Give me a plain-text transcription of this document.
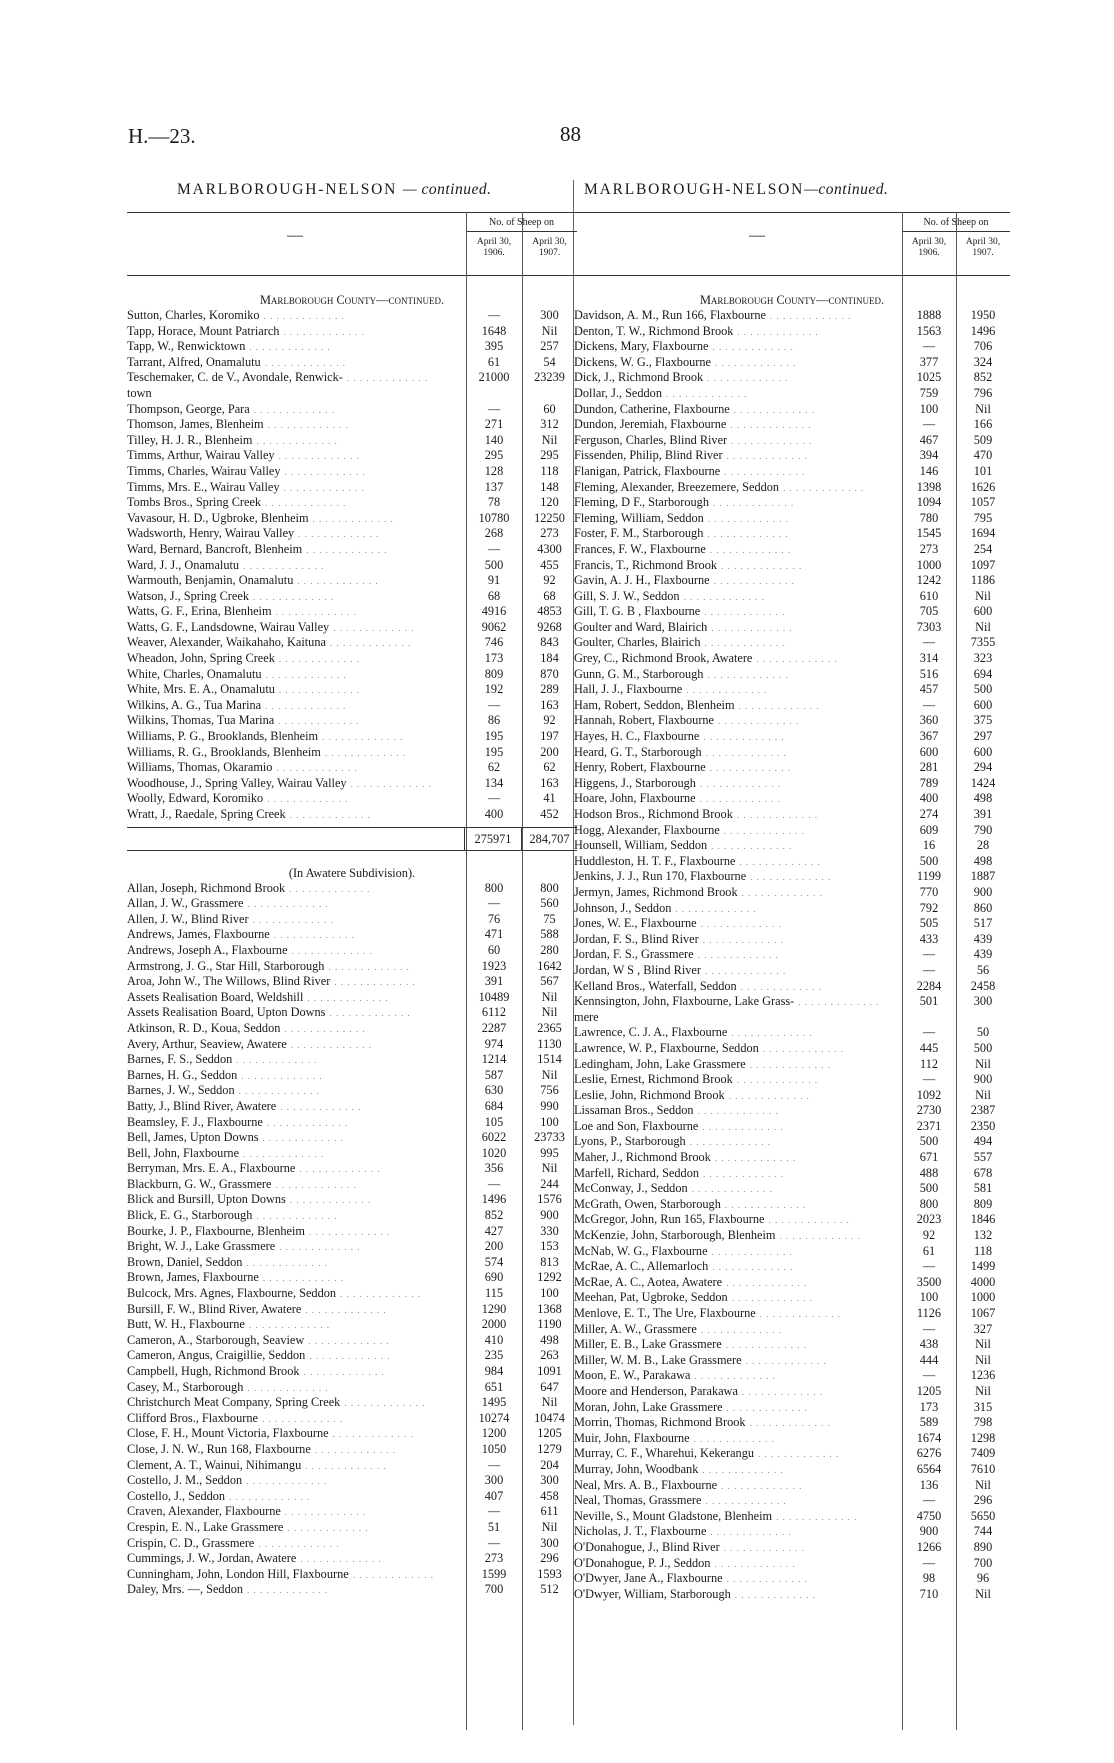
H.—23.	88
MARLBOROUGH-NELSON — continued.
—
No. of Sheep on
April 30, 1906.
April 30, 1907.
Marlborough County—continued.
Sutton, Charles, Koromiko . . . . . . . . . . . . .	—	300
Tapp, Horace, Mount Patriarch . . . . . . . . . . . . .	1648	Nil
Tapp, W., Renwicktown . . . . . . . . . . . . .	395	257
Tarrant, Alfred, Onamalutu . . . . . . . . . . . . .	61	54
Teschemaker, C. de V., Avondale, Renwick- . . . . . . . . . . . . .	21000	23239
town
Thompson, George, Para . . . . . . . . . . . . .	—	60
Thomson, James, Blenheim . . . . . . . . . . . . .	271	312
Tilley, H. J. R., Blenheim . . . . . . . . . . . . .	140	Nil
Timms, Arthur, Wairau Valley . . . . . . . . . . . . .	295	295
Timms, Charles, Wairau Valley . . . . . . . . . . . . .	128	118
Timms, Mrs. E., Wairau Valley . . . . . . . . . . . . .	137	148
Tombs Bros., Spring Creek . . . . . . . . . . . . .	78	120
Vavasour, H. D., Ugbroke, Blenheim . . . . . . . . . . . . .	10780	12250
Wadsworth, Henry, Wairau Valley . . . . . . . . . . . . .	268	273
Ward, Bernard, Bancroft, Blenheim . . . . . . . . . . . . .	—	4300
Ward, J. J., Onamalutu . . . . . . . . . . . . .	500	455
Warmouth, Benjamin, Onamalutu . . . . . . . . . . . . .	91	92
Watson, J., Spring Creek . . . . . . . . . . . . .	68	68
Watts, G. F., Erina, Blenheim . . . . . . . . . . . . .	4916	4853
Watts, G. F., Landsdowne, Wairau Valley . . . . . . . . . . . . .	9062	9268
Weaver, Alexander, Waikahaho, Kaituna . . . . . . . . . . . . .	746	843
Wheadon, John, Spring Creek . . . . . . . . . . . . .	173	184
White, Charles, Onamalutu . . . . . . . . . . . . .	809	870
White, Mrs. E. A., Onamalutu . . . . . . . . . . . . .	192	289
Wilkins, A. G., Tua Marina . . . . . . . . . . . . .	—	163
Wilkins, Thomas, Tua Marina . . . . . . . . . . . . .	86	92
Williams, P. G., Brooklands, Blenheim . . . . . . . . . . . . .	195	197
Williams, R. G., Brooklands, Blenheim . . . . . . . . . . . . .	195	200
Williams, Thomas, Okaramio . . . . . . . . . . . . .	62	62
Woodhouse, J., Spring Valley, Wairau Valley . . . . . . . . . . . . .	134	163
Woolly, Edward, Koromiko . . . . . . . . . . . . .	—	41
Wratt, J., Raedale, Spring Creek . . . . . . . . . . . . .	400	452
275971	284,707
(In Awatere Subdivision).
Allan, Joseph, Richmond Brook . . . . . . . . . . . . .	800	800
Allan, J. W., Grassmere . . . . . . . . . . . . .	—	560
Allen, J. W., Blind River . . . . . . . . . . . . .	76	75
Andrews, James, Flaxbourne . . . . . . . . . . . . .	471	588
Andrews, Joseph A., Flaxbourne . . . . . . . . . . . . .	60	280
Armstrong, J. G., Star Hill, Starborough . . . . . . . . . . . . .	1923	1642
Aroa, John W., The Willows, Blind River . . . . . . . . . . . . .	391	567
Assets Realisation Board, Weldshill . . . . . . . . . . . . .	10489	Nil
Assets Realisation Board, Upton Downs . . . . . . . . . . . . .	6112	Nil
Atkinson, R. D., Koua, Seddon . . . . . . . . . . . . .	2287	2365
Avery, Arthur, Seaview, Awatere . . . . . . . . . . . . .	974	1130
Barnes, F. S., Seddon . . . . . . . . . . . . .	1214	1514
Barnes, H. G., Seddon . . . . . . . . . . . . .	587	Nil
Barnes, J. W., Seddon . . . . . . . . . . . . .	630	756
Batty, J., Blind River, Awatere . . . . . . . . . . . . .	684	990
Beamsley, F. J., Flaxbourne . . . . . . . . . . . . .	105	100
Bell, James, Upton Downs . . . . . . . . . . . . .	6022	23733
Bell, John, Flaxbourne . . . . . . . . . . . . .	1020	995
Berryman, Mrs. E. A., Flaxbourne . . . . . . . . . . . . .	356	Nil
Blackburn, G. W., Grassmere . . . . . . . . . . . . .	—	244
Blick and Bursill, Upton Downs . . . . . . . . . . . . .	1496	1576
Blick, E. G., Starborough . . . . . . . . . . . . .	852	900
Bourke, J. P., Flaxbourne, Blenheim . . . . . . . . . . . . .	427	330
Bright, W. J., Lake Grassmere . . . . . . . . . . . . .	200	153
Brown, Daniel, Seddon . . . . . . . . . . . . .	574	813
Brown, James, Flaxbourne . . . . . . . . . . . . .	690	1292
Bulcock, Mrs. Agnes, Flaxbourne, Seddon . . . . . . . . . . . . .	115	100
Bursill, F. W., Blind River, Awatere . . . . . . . . . . . . .	1290	1368
Butt, W. H., Flaxbourne . . . . . . . . . . . . .	2000	1190
Cameron, A., Starborough, Seaview . . . . . . . . . . . . .	410	498
Cameron, Angus, Craigillie, Seddon . . . . . . . . . . . . .	235	263
Campbell, Hugh, Richmond Brook . . . . . . . . . . . . .	984	1091
Casey, M., Starborough . . . . . . . . . . . . .	651	647
Christchurch Meat Company, Spring Creek . . . . . . . . . . . . .	1495	Nil
Clifford Bros., Flaxbourne . . . . . . . . . . . . .	10274	10474
Close, F. H., Mount Victoria, Flaxbourne . . . . . . . . . . . . .	1200	1205
Close, J. N. W., Run 168, Flaxbourne . . . . . . . . . . . . .	1050	1279
Clement, A. T., Wainui, Nihimangu . . . . . . . . . . . . .	—	204
Costello, J. M., Seddon . . . . . . . . . . . . .	300	300
Costello, J., Seddon . . . . . . . . . . . . .	407	458
Craven, Alexander, Flaxbourne . . . . . . . . . . . . .	—	611
Crespin, E. N., Lake Grassmere . . . . . . . . . . . . .	51	Nil
Crispin, C. D., Grassmere . . . . . . . . . . . . .	—	300
Cummings, J. W., Jordan, Awatere . . . . . . . . . . . . .	273	296
Cunningham, John, London Hill, Flaxbourne . . . . . . . . . . . . .	1599	1593
Daley, Mrs. —, Seddon . . . . . . . . . . . . .	700	512
MARLBOROUGH-NELSON—continued.
—
No. of Sheep on
April 30, 1906.
April 30, 1907.
Marlborough County—continued.
Davidson, A. M., Run 166, Flaxbourne . . . . . . . . . . . . .	1888	1950
Denton, T. W., Richmond Brook . . . . . . . . . . . . .	1563	1496
Dickens, Mary, Flaxbourne . . . . . . . . . . . . .	—	706
Dickens, W. G., Flaxbourne . . . . . . . . . . . . .	377	324
Dick, J., Richmond Brook . . . . . . . . . . . . .	1025	852
Dollar, J., Seddon . . . . . . . . . . . . .	759	796
Dundon, Catherine, Flaxbourne . . . . . . . . . . . . .	100	Nil
Dundon, Jeremiah, Flaxbourne . . . . . . . . . . . . .	—	166
Ferguson, Charles, Blind River . . . . . . . . . . . . .	467	509
Fissenden, Philip, Blind River . . . . . . . . . . . . .	394	470
Flanigan, Patrick, Flaxbourne . . . . . . . . . . . . .	146	101
Fleming, Alexander, Breezemere, Seddon . . . . . . . . . . . . .	1398	1626
Fleming, D F., Starborough . . . . . . . . . . . . .	1094	1057
Fleming, William, Seddon . . . . . . . . . . . . .	780	795
Foster, F. M., Starborough . . . . . . . . . . . . .	1545	1694
Frances, F. W., Flaxbourne . . . . . . . . . . . . .	273	254
Francis, T., Richmond Brook . . . . . . . . . . . . .	1000	1097
Gavin, A. J. H., Flaxbourne . . . . . . . . . . . . .	1242	1186
Gill, S. J. W., Seddon . . . . . . . . . . . . .	610	Nil
Gill, T. G. B , Flaxbourne . . . . . . . . . . . . .	705	600
Goulter and Ward, Blairich . . . . . . . . . . . . .	7303	Nil
Goulter, Charles, Blairich . . . . . . . . . . . . .	—	7355
Grey, C., Richmond Brook, Awatere . . . . . . . . . . . . .	314	323
Gunn, G. M., Starborough . . . . . . . . . . . . .	516	694
Hall, J. J., Flaxbourne . . . . . . . . . . . . .	457	500
Ham, Robert, Seddon, Blenheim . . . . . . . . . . . . .	—	600
Hannah, Robert, Flaxbourne . . . . . . . . . . . . .	360	375
Hayes, H. C., Flaxbourne . . . . . . . . . . . . .	367	297
Heard, G. T., Starborough . . . . . . . . . . . . .	600	600
Henry, Robert, Flaxbourne . . . . . . . . . . . . .	281	294
Higgens, J., Starborough . . . . . . . . . . . . .	789	1424
Hoare, John, Flaxbourne . . . . . . . . . . . . .	400	498
Hodson Bros., Richmond Brook . . . . . . . . . . . . .	274	391
Hogg, Alexander, Flaxbourne . . . . . . . . . . . . .	609	790
Hounsell, William, Seddon . . . . . . . . . . . . .	16	28
Huddleston, H. T. F., Flaxbourne . . . . . . . . . . . . .	500	498
Jenkins, J. J., Run 170, Flaxbourne . . . . . . . . . . . . .	1199	1887
Jermyn, James, Richmond Brook . . . . . . . . . . . . .	770	900
Johnson, J., Seddon . . . . . . . . . . . . .	792	860
Jones, W. E., Flaxbourne . . . . . . . . . . . . .	505	517
Jordan, F. S., Blind River . . . . . . . . . . . . .	433	439
Jordan, F. S., Grassmere . . . . . . . . . . . . .	—	439
Jordan, W S , Blind River . . . . . . . . . . . . .	—	56
Kelland Bros., Waterfall, Seddon . . . . . . . . . . . . .	2284	2458
Kennsington, John, Flaxbourne, Lake Grass- . . . . . . . . . . . . .	501	300
mere
Lawrence, C. J. A., Flaxbourne . . . . . . . . . . . . .	—	50
Lawrence, W. P., Flaxbourne, Seddon . . . . . . . . . . . . .	445	500
Ledingham, John, Lake Grassmere . . . . . . . . . . . . .	112	Nil
Leslie, Ernest, Richmond Brook . . . . . . . . . . . . .	—	900
Leslie, John, Richmond Brook . . . . . . . . . . . . .	1092	Nil
Lissaman Bros., Seddon . . . . . . . . . . . . .	2730	2387
Loe and Son, Flaxbourne . . . . . . . . . . . . .	2371	2350
Lyons, P., Starborough . . . . . . . . . . . . .	500	494
Maher, J., Richmond Brook . . . . . . . . . . . . .	671	557
Marfell, Richard, Seddon . . . . . . . . . . . . .	488	678
McConway, J., Seddon . . . . . . . . . . . . .	500	581
McGrath, Owen, Starborough . . . . . . . . . . . . .	800	809
McGregor, John, Run 165, Flaxbourne . . . . . . . . . . . . .	2023	1846
McKenzie, John, Starborough, Blenheim . . . . . . . . . . . . .	92	132
McNab, W. G., Flaxbourne . . . . . . . . . . . . .	61	118
McRae, A. C., Allemarloch . . . . . . . . . . . . .	—	1499
McRae, A. C., Aotea, Awatere . . . . . . . . . . . . .	3500	4000
Meehan, Pat, Ugbroke, Seddon . . . . . . . . . . . . .	100	1000
Menlove, E. T., The Ure, Flaxbourne . . . . . . . . . . . . .	1126	1067
Miller, A. W., Grassmere . . . . . . . . . . . . .	—	327
Miller, E. B., Lake Grassmere . . . . . . . . . . . . .	438	Nil
Miller, W. M. B., Lake Grassmere . . . . . . . . . . . . .	444	Nil
Moon, E. W., Parakawa . . . . . . . . . . . . .	—	1236
Moore and Henderson, Parakawa . . . . . . . . . . . . .	1205	Nil
Moran, John, Lake Grassmere . . . . . . . . . . . . .	173	315
Morrin, Thomas, Richmond Brook . . . . . . . . . . . . .	589	798
Muir, John, Flaxbourne . . . . . . . . . . . . .	1674	1298
Murray, C. F., Wharehui, Kekerangu . . . . . . . . . . . . .	6276	7409
Murray, John, Woodbank . . . . . . . . . . . . .	6564	7610
Neal, Mrs. A. B., Flaxbourne . . . . . . . . . . . . .	136	Nil
Neal, Thomas, Grassmere . . . . . . . . . . . . .	—	296
Neville, S., Mount Gladstone, Blenheim . . . . . . . . . . . . .	4750	5650
Nicholas, J. T., Flaxbourne . . . . . . . . . . . . .	900	744
O'Donahogue, J., Blind River . . . . . . . . . . . . .	1266	890
O'Donahogue, P. J., Seddon . . . . . . . . . . . . .	—	700
O'Dwyer, Jane A., Flaxbourne . . . . . . . . . . . . .	98	96
O'Dwyer, William, Starborough . . . . . . . . . . . . .	710	Nil
